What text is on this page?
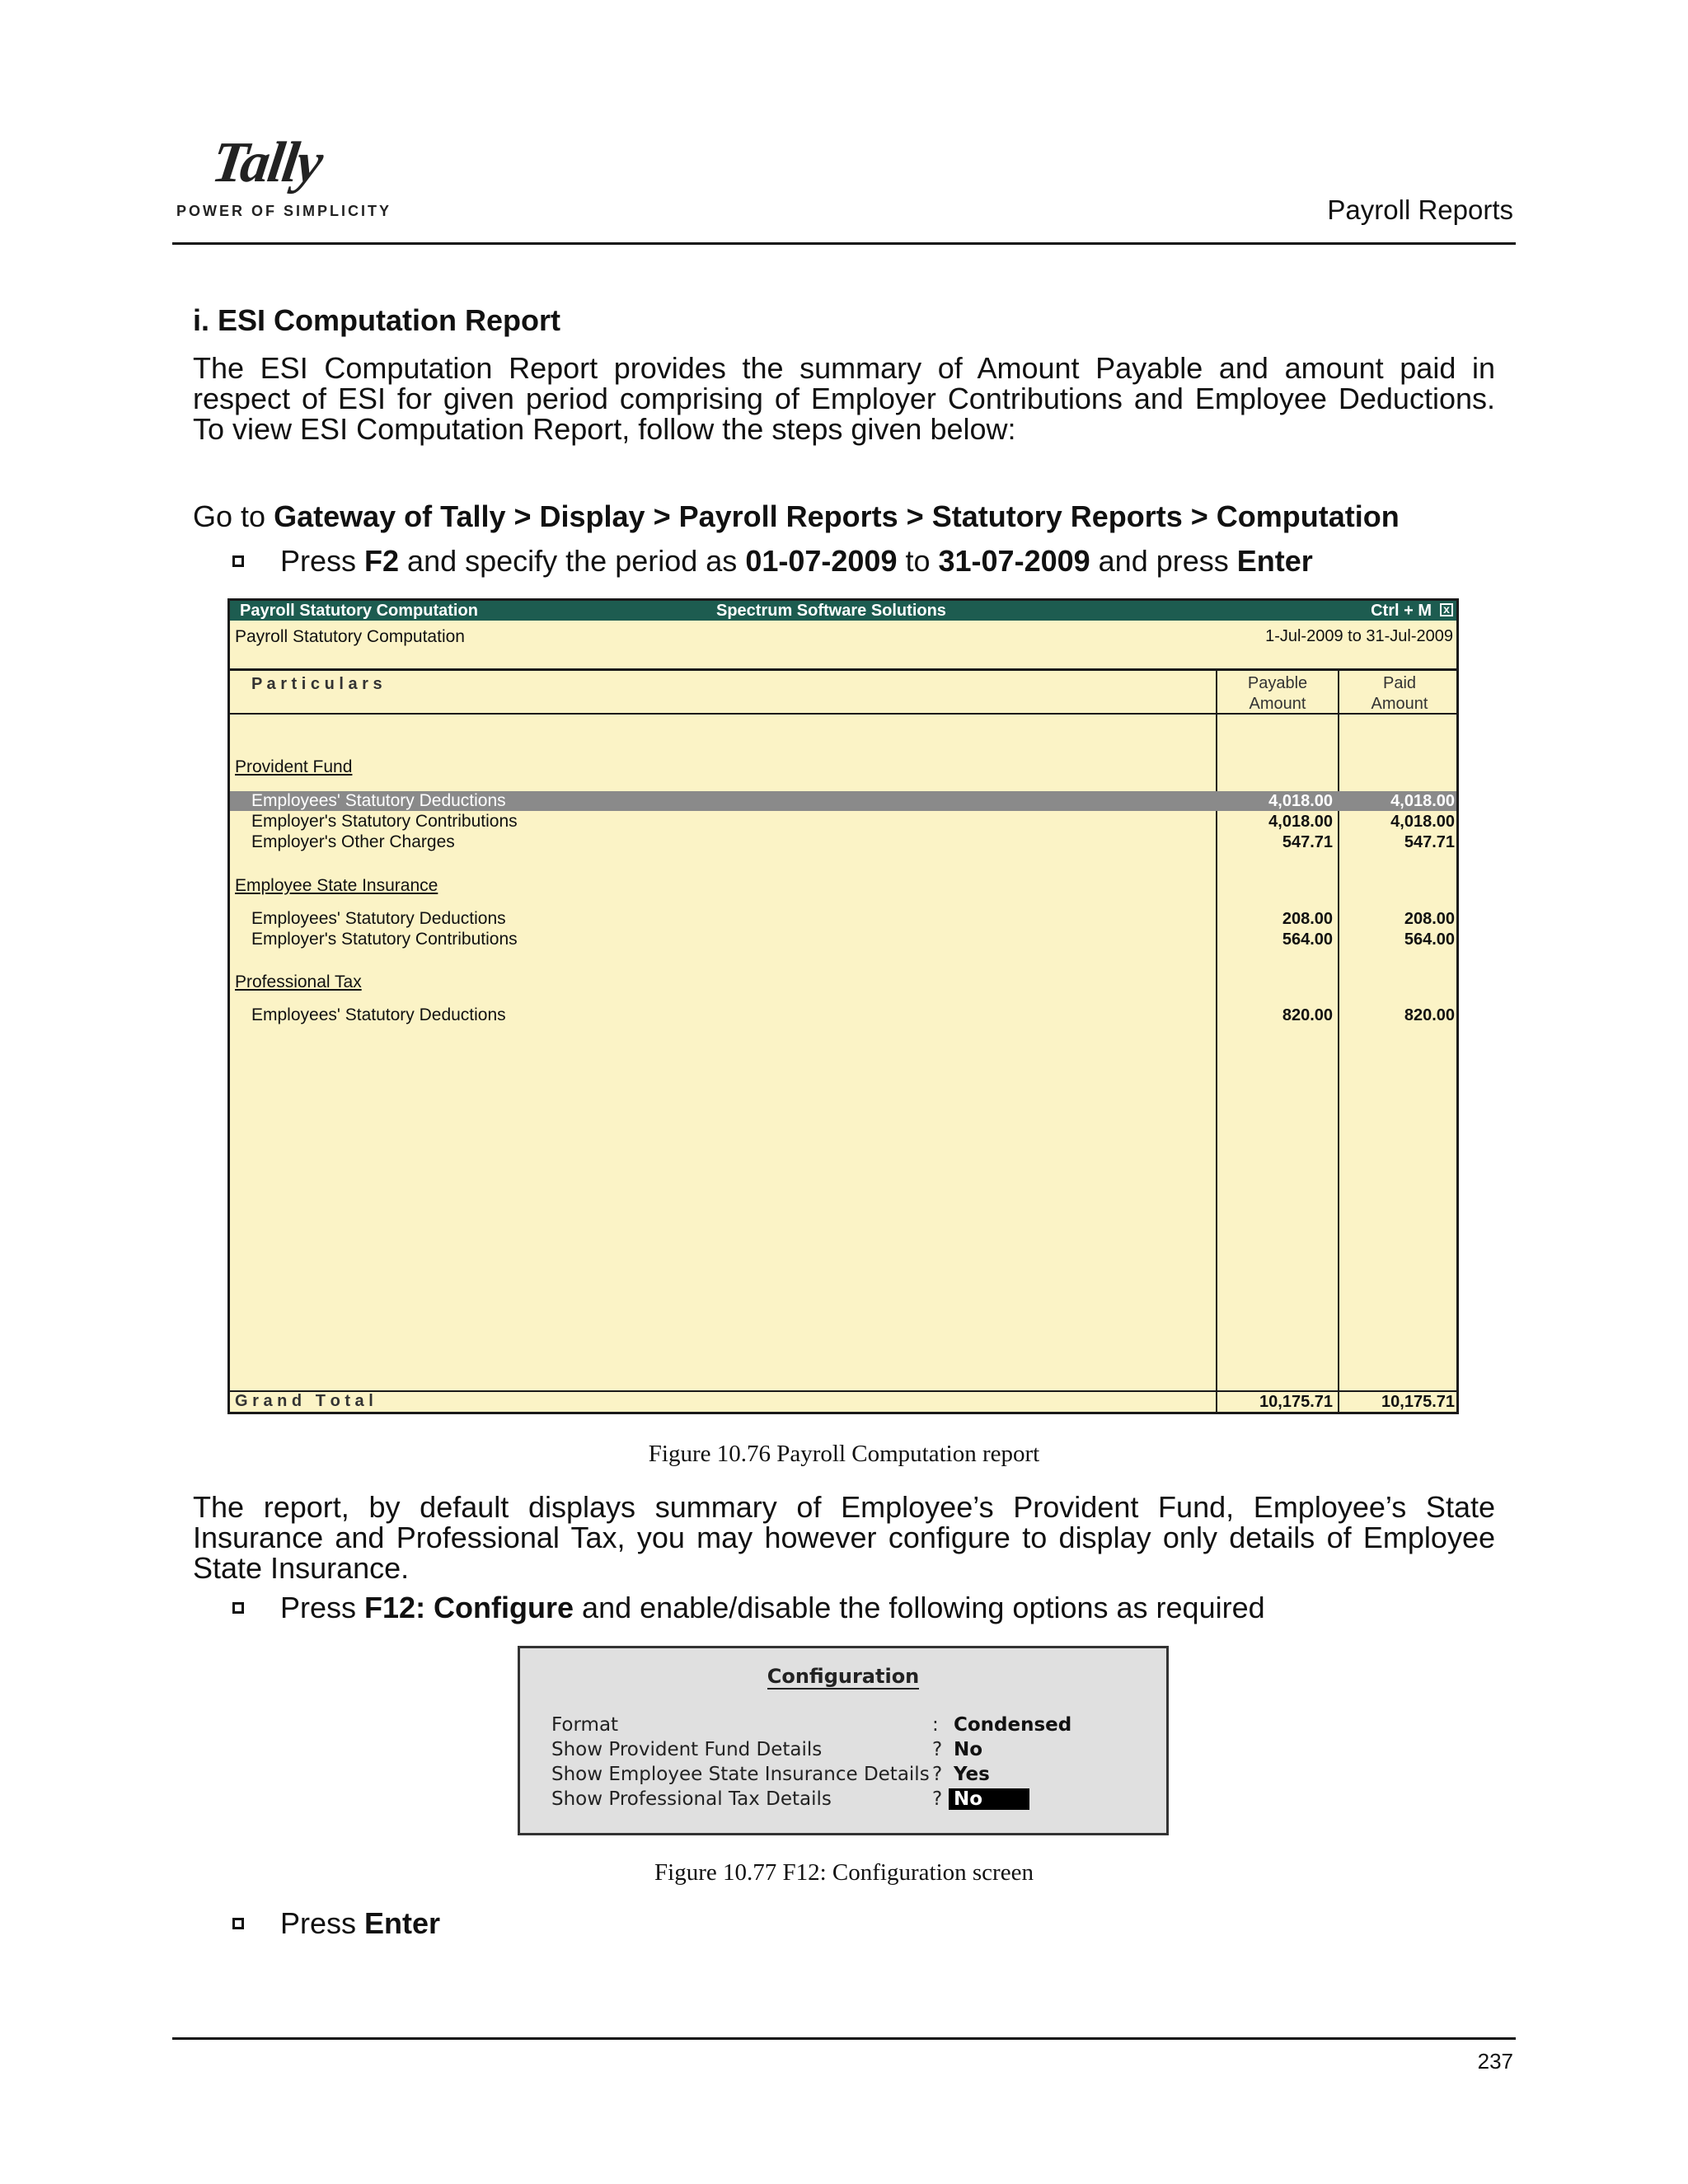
Tally
POWER OF SIMPLICITY	Payroll Reports
i. ESI Computation Report
The ESI Computation Report provides the summary of Amount Payable and amount paid in respect of ESI for given period comprising of Employer Contributions and Employee Deductions. To view ESI Computation Report, follow the steps given below:
Go to Gateway of Tally > Display > Payroll Reports > Statutory Reports > Computation
Press F2 and specify the period as 01-07-2009 to 31-07-2009 and press Enter
Payroll Statutory Computation	Spectrum Software Solutions	Ctrl + M x
Payroll Statutory Computation	1-Jul-2009 to 31-Jul-2009
P a r t i c u l a r s	Payable
Amount
Paid
Amount
Provident Fund
Employees' Statutory Deductions	4,018.00	4,018.00
Employer's Statutory Contributions	4,018.00	4,018.00
Employer's Other Charges	547.71	547.71
Employee State Insurance
Employees' Statutory Deductions	208.00	208.00
Employer's Statutory Contributions	564.00	564.00
Professional Tax
Employees' Statutory Deductions	820.00	820.00
G r a n d   T o t a l	10,175.71	10,175.71
Figure 10.76 Payroll Computation report
The report, by default displays summary of Employee’s Provident Fund, Employee’s State Insurance and Professional Tax, you may however configure to display only details of Employee State Insurance.
Press F12: Configure and enable/disable the following options as required
Configuration
Format	: Condensed
Show Provident Fund Details	? No
Show Employee State Insurance Details ? Yes
Show Professional Tax Details	? No
Figure 10.77 F12: Configuration screen
Press Enter
237
